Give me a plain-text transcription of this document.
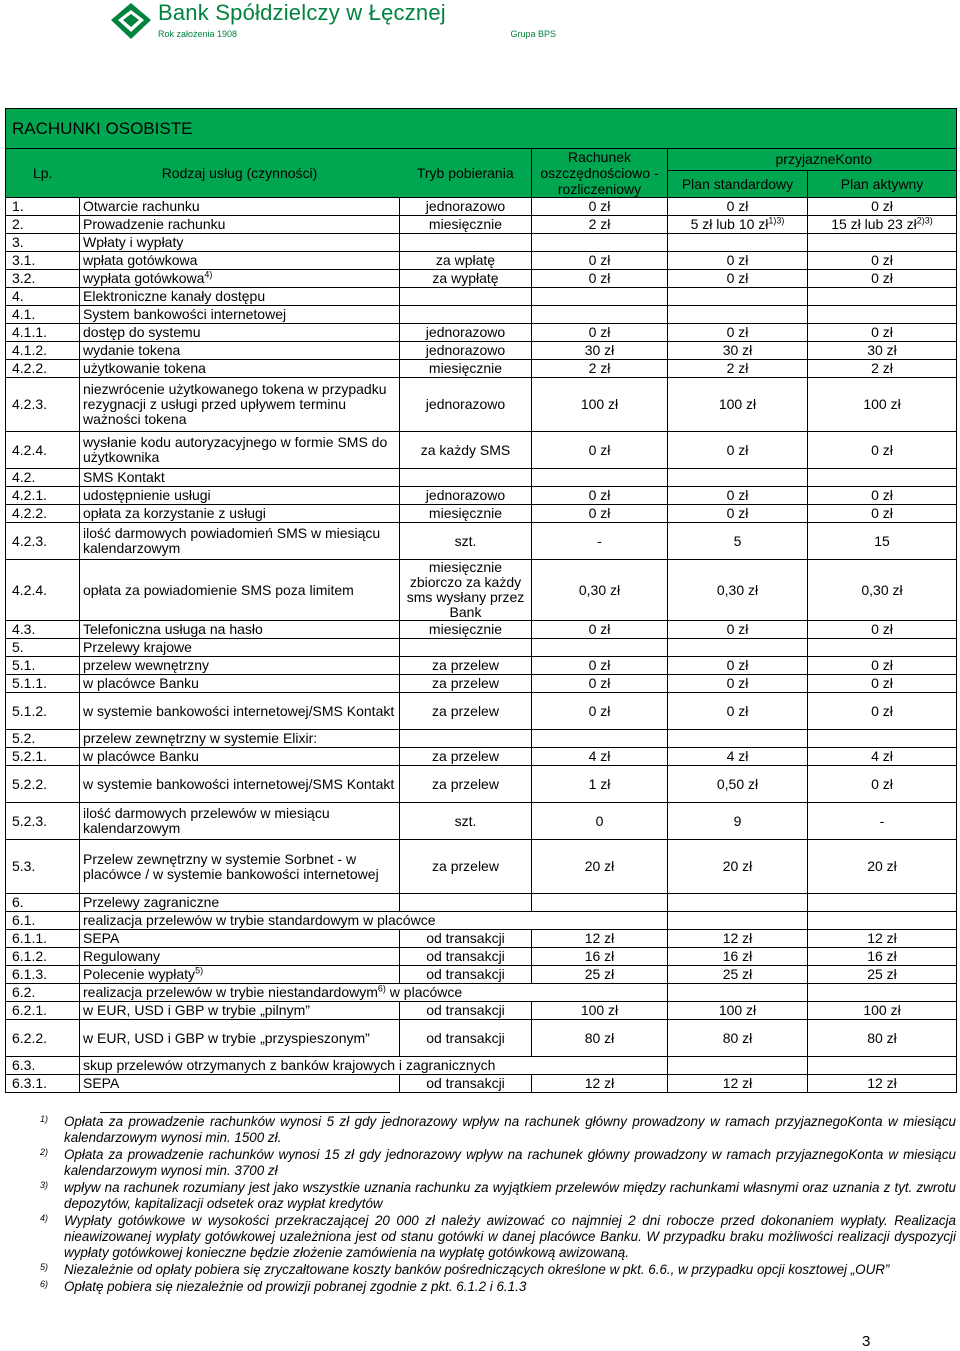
Bank Spółdzielczy w Łęcznej
Rok założenia 1908	Grupa BPS
RACHUNKI OSOBISTE					
Lp.	Rodzaj usług (czynności)	Tryb pobierania	Rachunek oszczędnościowo - rozliczeniowy	przyjazneKonto	
				Plan standardowy	Plan aktywny
1.	Otwarcie rachunku	jednorazowo	0 zł	0 zł	0 zł
2.	Prowadzenie rachunku	miesięcznie	2 zł	5 zł lub 10 $zł^{1)3)}$	15 zł lub 23 $zł^{2)3)}$
3.	Wpłaty i wypłaty				
3.1.	wpłata gotówkowa	za wpłatę	0 zł	0 zł	0 zł
3.2.	wypłata gotówkowa$^{4)}$	za wypłatę	0 zł	0 zł	0 zł
4.	Elektroniczne kanały dostępu				
4.1.	System bankowości internetowej				
4.1.1.	dostęp do systemu	jednorazowo	0 zł	0 zł	0 zł
4.1.2.	wydanie tokena	jednorazowo	30 zł	30 zł	30 zł
4.2.2.	użytkowanie tokena	miesięcznie	2 zł	2 zł	2 zł
4.2.3.	niezwrócenie użytkowanego tokena w przypadku rezygnacji z usługi przed upływem terminu ważności tokena	jednorazowo	100 zł	100 zł	100 zł
4.2.4.	wysłanie kodu autoryzacyjnego w formie SMS do użytkownika	za każdy SMS	0 zł	0 zł	0 zł
4.2.	SMS Kontakt				
4.2.1.	udostępnienie usługi	jednorazowo	0 zł	0 zł	0 zł
4.2.2.	opłata za korzystanie z usługi	miesięcznie	0 zł	0 zł	0 zł
4.2.3.	ilość darmowych powiadomień SMS w miesiącu kalendarzowym	szt.	-	5	15
4.2.4.	opłata za powiadomienie SMS poza limitem	miesięcznie zbiorczo za każdy sms wysłany przez Bank	0,30 zł	0,30 zł	0,30 zł
4.3.	Telefoniczna usługa na hasło	miesięcznie	0 zł	0 zł	0 zł
5.	Przelewy krajowe				
5.1.	przelew wewnętrzny	za przelew	0 zł	0 zł	0 zł
5.1.1.	w placówce Banku	za przelew	0 zł	0 zł	0 zł
5.1.2.	w systemie bankowości internetowej/SMS Kontakt	za przelew	0 zł	0 zł	0 zł
5.2.	przelew zewnętrzny w systemie Elixir:				
5.2.1.	w placówce Banku	za przelew	4 zł	4 zł	4 zł
5.2.2.	w systemie bankowości internetowej/SMS Kontakt	za przelew	1 zł	0,50 zł	0 zł
5.2.3.	ilość darmowych przelewów w miesiącu kalendarzowym	szt.	0	9	-
5.3.	Przelew zewnętrzny w systemie Sorbnet - w placówce / w systemie bankowości internetowej	za przelew	20 zł	20 zł	20 zł
6.	Przelewy zagraniczne				
6.1.	realizacja przelewów w trybie standardowym w placówce				
6.1.1.	SEPA	od transakcji	12 zł	12 zł	12 zł
6.1.2.	Regulowany	od transakcji	16 zł	16 zł	16 zł
6.1.3.	Polecenie wypłaty$^{5)}$	od transakcji	25 zł	25 zł	25 zł
6.2.	realizacja przelewów w trybie niestandardowym$^{6)}$ w placówce				
6.2.1.	w EUR, USD i GBP w trybie „pilnym”	od transakcji	100 zł	100 zł	100 zł
6.2.2.	w EUR, USD i GBP w trybie „przyspieszonym”	od transakcji	80 zł	80 zł	80 zł
6.3.	skup przelewów otrzymanych z banków krajowych i zagranicznych				
6.3.1.	SEPA	od transakcji	12 zł	12 zł	12 zł
1) Opłata za prowadzenie rachunków wynosi 5 zł gdy jednorazowy wpływ na rachunek główny prowadzony w ramach przyjaznegoKonta w miesiącu kalendarzowym wynosi min. 1500 zł.
2) Opłata za prowadzenie rachunków wynosi 15 zł gdy jednorazowy wpływ na rachunek główny prowadzony w ramach przyjaznegoKonta w miesiącu kalendarzowym wynosi min. 3700 zł
3) wpływ na rachunek rozumiany jest jako wszystkie uznania rachunku za wyjątkiem przelewów między rachunkami własnymi oraz uznania z tyt. zwrotu depozytów, kapitalizacji odsetek oraz wypłat kredytów
4) Wypłaty gotówkowe w wysokości przekraczającej 20 000 zł należy awizować co najmniej 2 dni robocze przed dokonaniem wypłaty. Realizacja nieawizowanej wypłaty gotówkowej uzależniona jest od stanu gotówki w danej placówce Banku. W przypadku braku możliwości realizacji dyspozycji wypłaty gotówkowej konieczne będzie złożenie zamówienia na wypłatę gotówkową awizowaną.
5) Niezależnie od opłaty pobiera się zryczałtowane koszty banków pośredniczących określone w pkt. 6.6., w przypadku opcji kosztowej „OUR”
6) Opłatę pobiera się niezależnie od prowizji pobranej zgodnie z pkt. 6.1.2 i 6.1.3
3
